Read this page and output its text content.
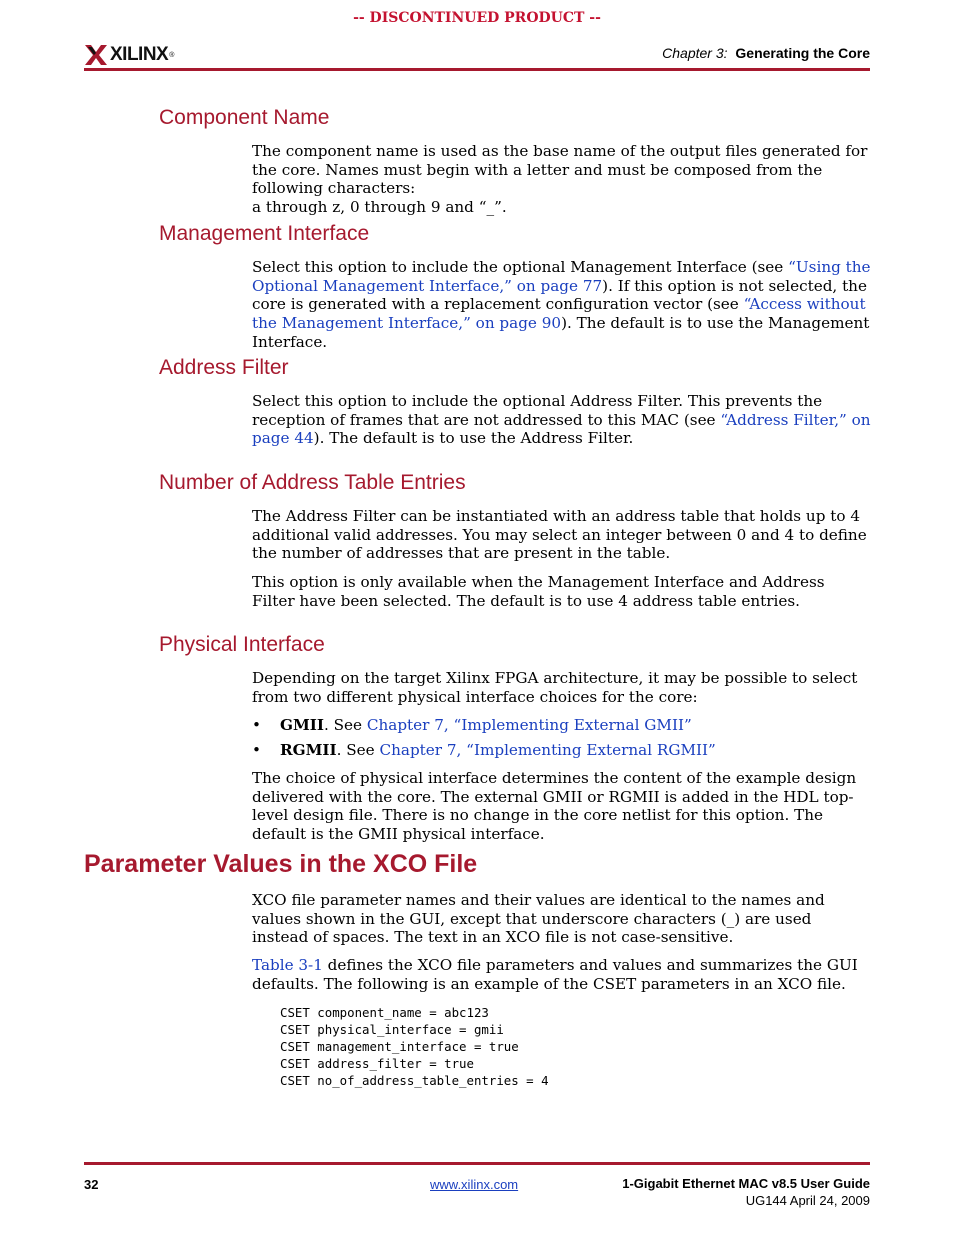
-- DISCONTINUED PRODUCT --
XILINX ®	Chapter 3: Generating the Core
Component Name

The component name is used as the base name of the output files generated for the core. Names must begin with a letter and must be composed from the following characters:
a through z, 0 through 9 and “_”.

Management Interface

Select this option to include the optional Management Interface (see “Using the Optional Management Interface,” on page 77). If this option is not selected, the core is generated with a replacement configuration vector (see “Access without the Management Interface,” on page 90). The default is to use the Management Interface.

Address Filter

Select this option to include the optional Address Filter. This prevents the reception of frames that are not addressed to this MAC (see “Address Filter,” on page 44). The default is to use the Address Filter.

Number of Address Table Entries

The Address Filter can be instantiated with an address table that holds up to 4 additional valid addresses. You may select an integer between 0 and 4 to define the number of addresses that are present in the table.

This option is only available when the Management Interface and Address Filter have been selected. The default is to use 4 address table entries.

Physical Interface

Depending on the target Xilinx FPGA architecture, it may be possible to select from two different physical interface choices for the core:

• GMII. See Chapter 7, “Implementing External GMII”
• RGMII. See Chapter 7, “Implementing External RGMII”

The choice of physical interface determines the content of the example design delivered with the core. The external GMII or RGMII is added in the HDL top-level design file. There is no change in the core netlist for this option. The default is the GMII physical interface.

Parameter Values in the XCO File

XCO file parameter names and their values are identical to the names and values shown in the GUI, except that underscore characters (_) are used instead of spaces. The text in an XCO file is not case-sensitive.

Table 3-1 defines the XCO file parameters and values and summarizes the GUI defaults. The following is an example of the CSET parameters in an XCO file.

CSET component_name = abc123
CSET physical_interface = gmii
CSET management_interface = true
CSET address_filter = true
CSET no_of_address_table_entries = 4
32	www.xilinx.com	1-Gigabit Ethernet MAC v8.5 User Guide
UG144 April 24, 2009
